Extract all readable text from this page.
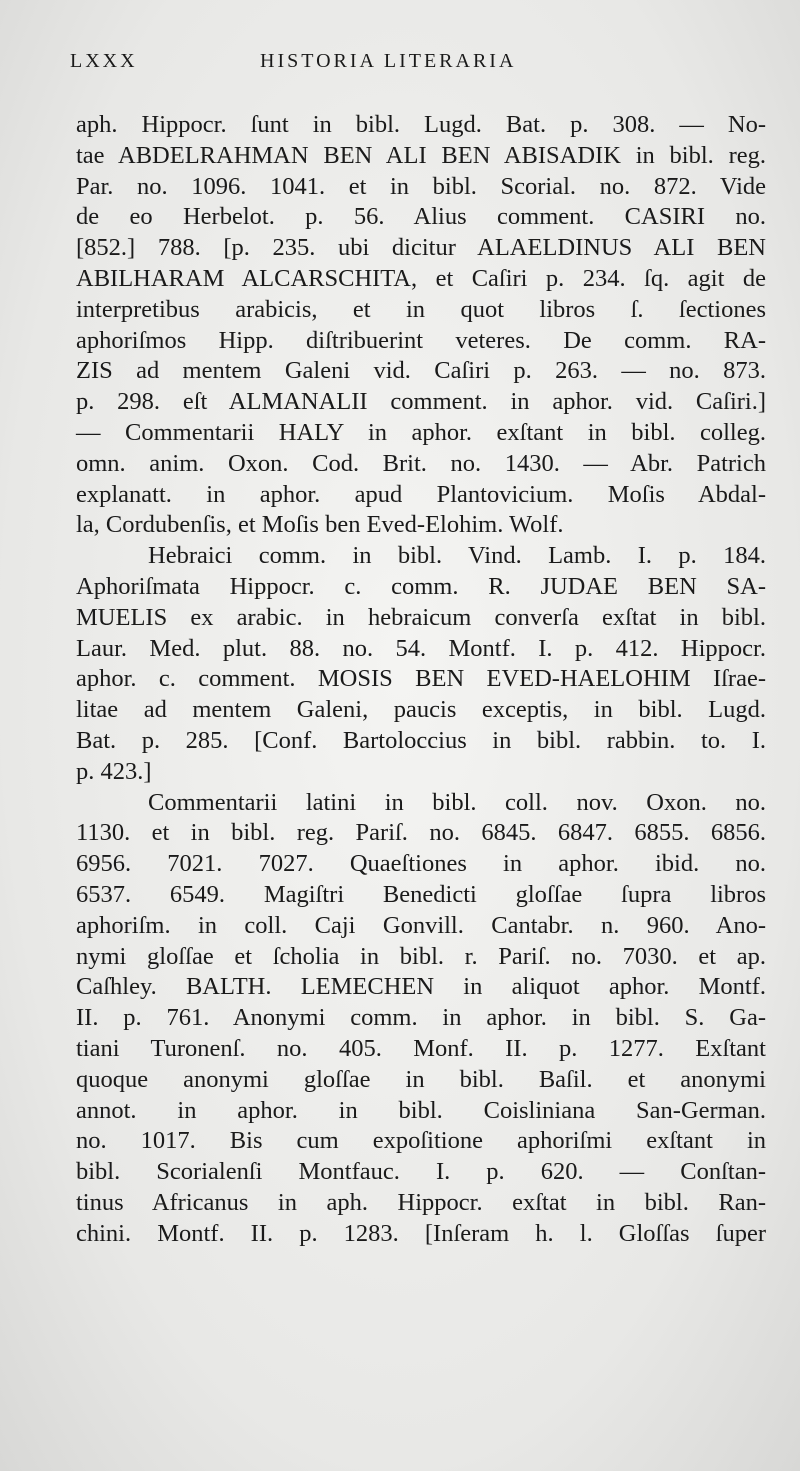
LXXX	HISTORIA LITERARIA
aph. Hippocr. ſunt in bibl. Lugd. Bat. p. 308. — No-
tae ABDELRAHMAN BEN ALI BEN ABISADIK in bibl. reg.
Par. no. 1096. 1041. et in bibl. Scorial. no. 872. Vide
de eo Herbelot. p. 56. Alius comment. CASIRI no.
[852.] 788. [p. 235. ubi dicitur ALAELDINUS ALI BEN
ABILHARAM ALCARSCHITA, et Caſiri p. 234. ſq. agit de
interpretibus arabicis, et in quot libros ſ. ſectiones
aphoriſmos Hipp. diſtribuerint veteres. De comm. RA-
ZIS ad mentem Galeni vid. Caſiri p. 263. — no. 873.
p. 298. eſt ALMANALII comment. in aphor. vid. Caſiri.]
— Commentarii HALY in aphor. exſtant in bibl. colleg.
omn. anim. Oxon. Cod. Brit. no. 1430. — Abr. Patrich
explanatt. in aphor. apud Plantovicium. Moſis Abdal-
la, Cordubenſis, et Moſis ben Eved-Elohim. Wolf.
Hebraici comm. in bibl. Vind. Lamb. I. p. 184.
Aphoriſmata Hippocr. c. comm. R. JUDAE BEN SA-
MUELIS ex arabic. in hebraicum converſa exſtat in bibl.
Laur. Med. plut. 88. no. 54. Montf. I. p. 412. Hippocr.
aphor. c. comment. MOSIS BEN EVED-HAELOHIM Iſrae-
litae ad mentem Galeni, paucis exceptis, in bibl. Lugd.
Bat. p. 285. [Conf. Bartoloccius in bibl. rabbin. to. I.
p. 423.]
Commentarii latini in bibl. coll. nov. Oxon. no.
1130. et in bibl. reg. Pariſ. no. 6845. 6847. 6855. 6856.
6956. 7021. 7027. Quaeſtiones in aphor. ibid. no.
6537. 6549. Magiſtri Benedicti gloſſae ſupra libros
aphoriſm. in coll. Caji Gonvill. Cantabr. n. 960. Ano-
nymi gloſſae et ſcholia in bibl. r. Pariſ. no. 7030. et ap.
Caſhley. BALTH. LEMECHEN in aliquot aphor. Montf.
II. p. 761. Anonymi comm. in aphor. in bibl. S. Ga-
tiani Turonenſ. no. 405. Monf. II. p. 1277. Exſtant
quoque anonymi gloſſae in bibl. Baſil. et anonymi
annot. in aphor. in bibl. Coisliniana San-German.
no. 1017. Bis cum expoſitione aphoriſmi exſtant in
bibl. Scorialenſi Montfauc. I. p. 620. — Conſtan-
tinus Africanus in aph. Hippocr. exſtat in bibl. Ran-
chini. Montf. II. p. 1283. [Inſeram h. l. Gloſſas ſuper
